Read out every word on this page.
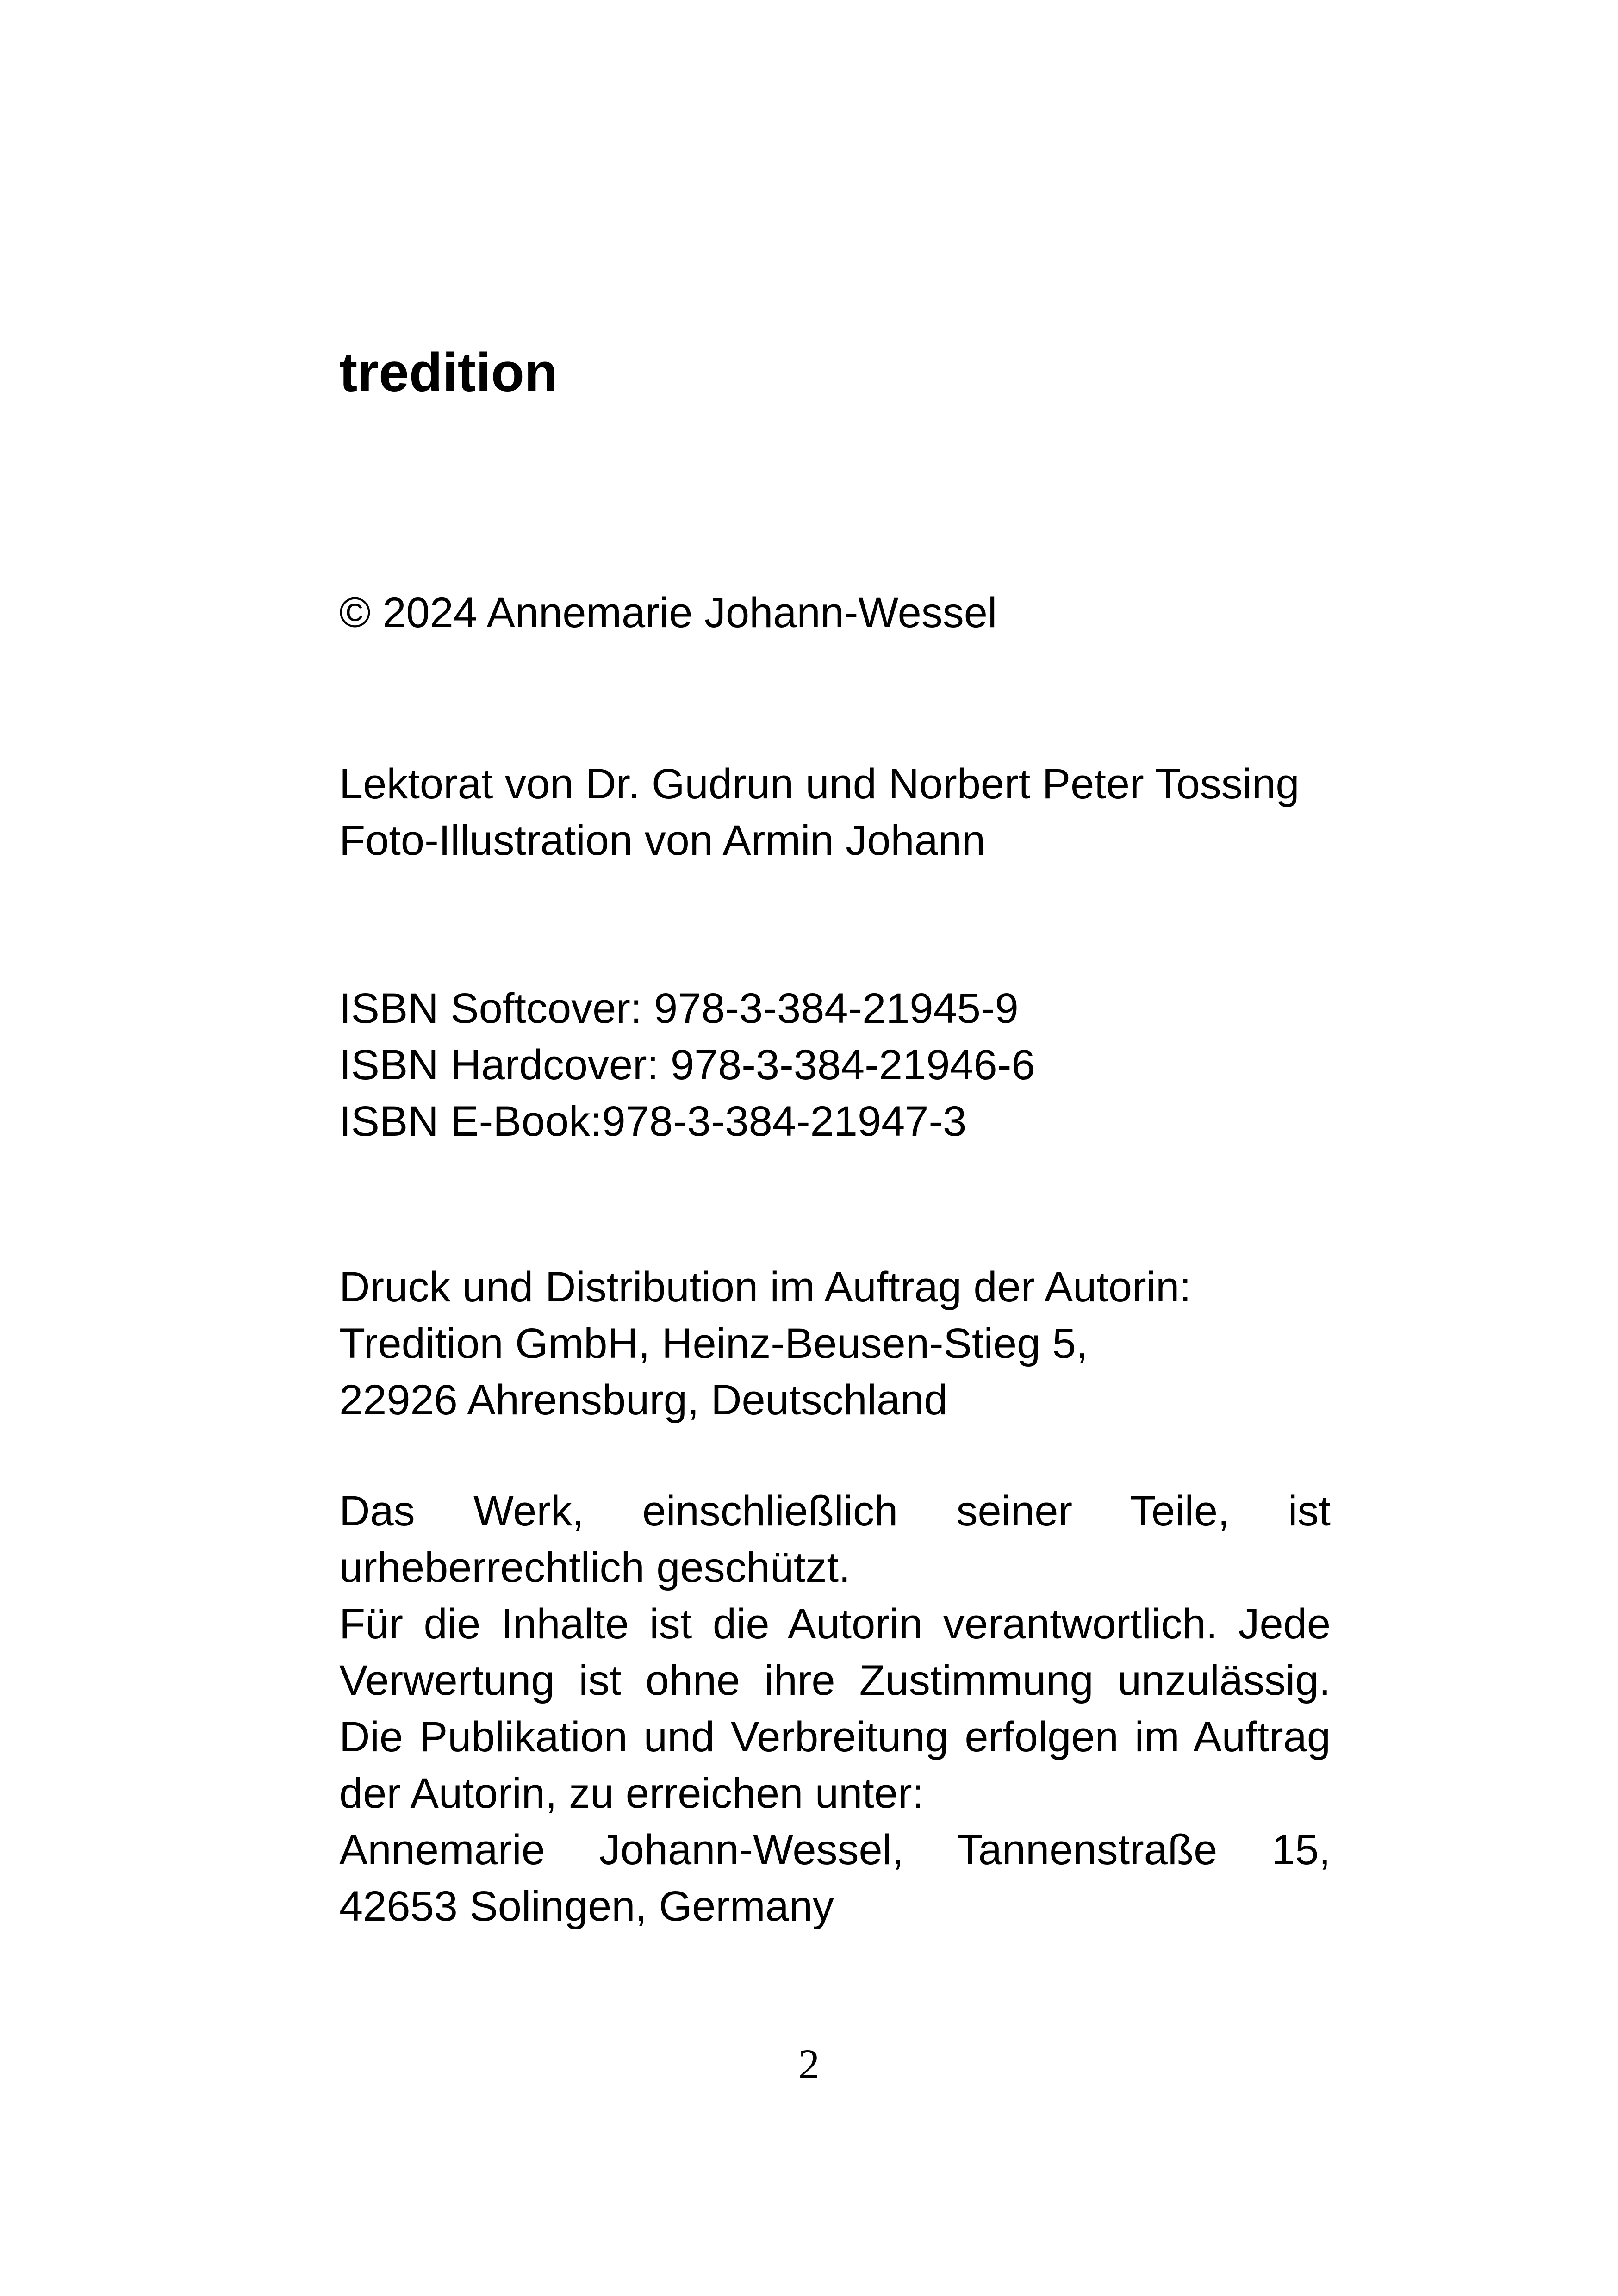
tredition
© 2024 Annemarie Johann-Wessel
Lektorat von Dr. Gudrun und Norbert Peter Tossing
Foto-Illustration von Armin Johann
ISBN Softcover: 978-3-384-21945-9
ISBN Hardcover: 978-3-384-21946-6
ISBN E-Book:978-3-384-21947-3
Druck und Distribution im Auftrag der Autorin:
Tredition GmbH, Heinz-Beusen-Stieg 5,
22926 Ahrensburg, Deutschland
Das Werk, einschließlich seiner Teile, ist urheberrechtlich geschützt.
Für die Inhalte ist die Autorin verantwortlich. Jede Verwertung ist ohne ihre Zustimmung unzulässig. Die Publikation und Verbreitung erfolgen im Auftrag der Autorin, zu erreichen unter:
Annemarie Johann-Wessel, Tannenstraße 15, 42653 Solingen, Germany
2
